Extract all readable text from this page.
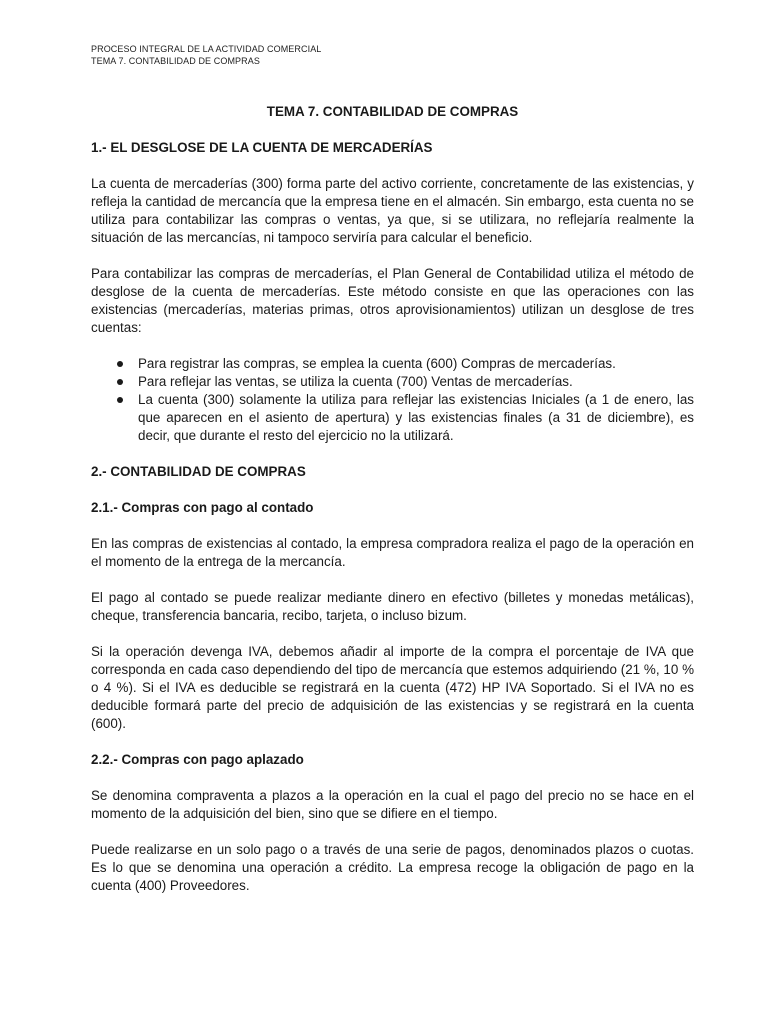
PROCESO INTEGRAL DE LA ACTIVIDAD COMERCIAL
TEMA 7. CONTABILIDAD DE COMPRAS
TEMA 7. CONTABILIDAD DE COMPRAS
1.- EL DESGLOSE DE LA CUENTA DE MERCADERÍAS

La cuenta de mercaderías (300) forma parte del activo corriente, concretamente de las existencias, y refleja la cantidad de mercancía que la empresa tiene en el almacén. Sin embargo, esta cuenta no se utiliza para contabilizar las compras o ventas, ya que, si se utilizara, no reflejaría realmente la situación de las mercancías, ni tampoco serviría para calcular el beneficio.

Para contabilizar las compras de mercaderías, el Plan General de Contabilidad utiliza el método de desglose de la cuenta de mercaderías. Este método consiste en que las operaciones con las existencias (mercaderías, materias primas, otros aprovisionamientos) utilizan un desglose de tres cuentas:

Para registrar las compras, se emplea la cuenta (600) Compras de mercaderías.
Para reflejar las ventas, se utiliza la cuenta (700) Ventas de mercaderías.
La cuenta (300) solamente la utiliza para reflejar las existencias Iniciales (a 1 de enero, las que aparecen en el asiento de apertura) y las existencias finales (a 31 de diciembre), es decir, que durante el resto del ejercicio no la utilizará.
2.- CONTABILIDAD DE COMPRAS
2.1.- Compras con pago al contado

En las compras de existencias al contado, la empresa compradora realiza el pago de la operación en el momento de la entrega de la mercancía.

El pago al contado se puede realizar mediante dinero en efectivo (billetes y monedas metálicas), cheque, transferencia bancaria, recibo, tarjeta, o incluso bizum.

Si la operación devenga IVA, debemos añadir al importe de la compra el porcentaje de IVA que corresponda en cada caso dependiendo del tipo de mercancía que estemos adquiriendo (21 %, 10 % o 4 %). Si el IVA es deducible se registrará en la cuenta (472) HP IVA Soportado. Si el IVA no es deducible formará parte del precio de adquisición de las existencias y se registrará en la cuenta (600).

2.2.- Compras con pago aplazado

Se denomina compraventa a plazos a la operación en la cual el pago del precio no se hace en el momento de la adquisición del bien, sino que se difiere en el tiempo.

Puede realizarse en un solo pago o a través de una serie de pagos, denominados plazos o cuotas. Es lo que se denomina una operación a crédito. La empresa recoge la obligación de pago en la cuenta (400) Proveedores.
